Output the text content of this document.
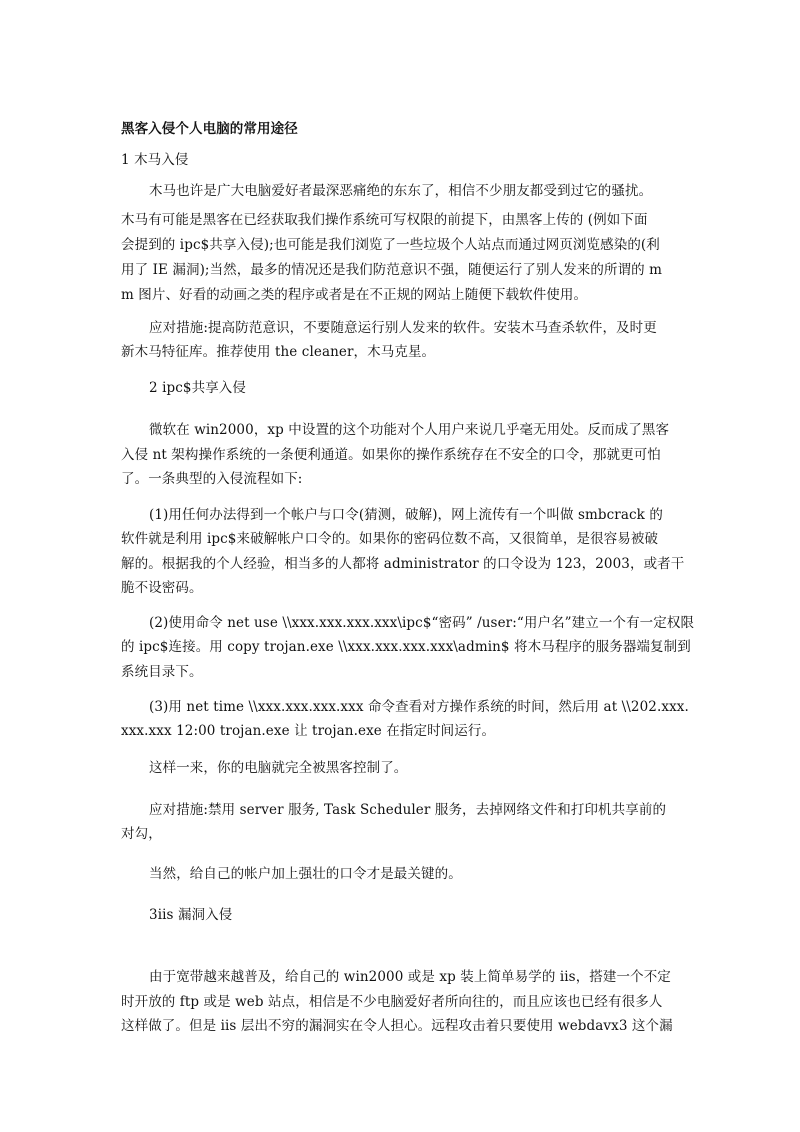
黑客入侵个人电脑的常用途径
1 木马入侵
木马也许是广大电脑爱好者最深恶痛绝的东东了，相信不少朋友都受到过它的骚扰。
木马有可能是黑客在已经获取我们操作系统可写权限的前提下，由黑客上传的 (例如下面
会提到的 ipc$共享入侵);也可能是我们浏览了一些垃圾个人站点而通过网页浏览感染的(利
用了 IE 漏洞);当然，最多的情况还是我们防范意识不强，随便运行了别人发来的所谓的 m
m 图片、好看的动画之类的程序或者是在不正规的网站上随便下载软件使用。
应对措施:提高防范意识，不要随意运行别人发来的软件。安装木马查杀软件，及时更
新木马特征库。推荐使用 the cleaner，木马克星。
2 ipc$共享入侵
微软在 win2000，xp 中设置的这个功能对个人用户来说几乎毫无用处。反而成了黑客
入侵 nt 架构操作系统的一条便利通道。如果你的操作系统存在不安全的口令，那就更可怕
了。一条典型的入侵流程如下:
(1)用任何办法得到一个帐户与口令(猜测，破解)，网上流传有一个叫做 smbcrack 的
软件就是利用 ipc$来破解帐户口令的。如果你的密码位数不高，又很简单，是很容易被破
解的。根据我的个人经验，相当多的人都将 administrator 的口令设为 123，2003，或者干
脆不设密码。
(2)使用命令 net use \\xxx.xxx.xxx.xxx\ipc$“密码” /user:“用户名”建立一个有一定权限
的 ipc$连接。用 copy trojan.exe \\xxx.xxx.xxx.xxx\admin$ 将木马程序的服务器端复制到
系统目录下。
(3)用 net time \\xxx.xxx.xxx.xxx 命令查看对方操作系统的时间，然后用 at \\202.xxx.
xxx.xxx 12:00 trojan.exe 让 trojan.exe 在指定时间运行。
这样一来，你的电脑就完全被黑客控制了。
应对措施:禁用 server 服务, Task Scheduler 服务，去掉网络文件和打印机共享前的
对勾，
当然，给自己的帐户加上强壮的口令才是最关键的。
3iis 漏洞入侵
由于宽带越来越普及，给自己的 win2000 或是 xp 装上简单易学的 iis，搭建一个不定
时开放的 ftp 或是 web 站点，相信是不少电脑爱好者所向往的，而且应该也已经有很多人
这样做了。但是 iis 层出不穷的漏洞实在令人担心。远程攻击着只要使用 webdavx3 这个漏
